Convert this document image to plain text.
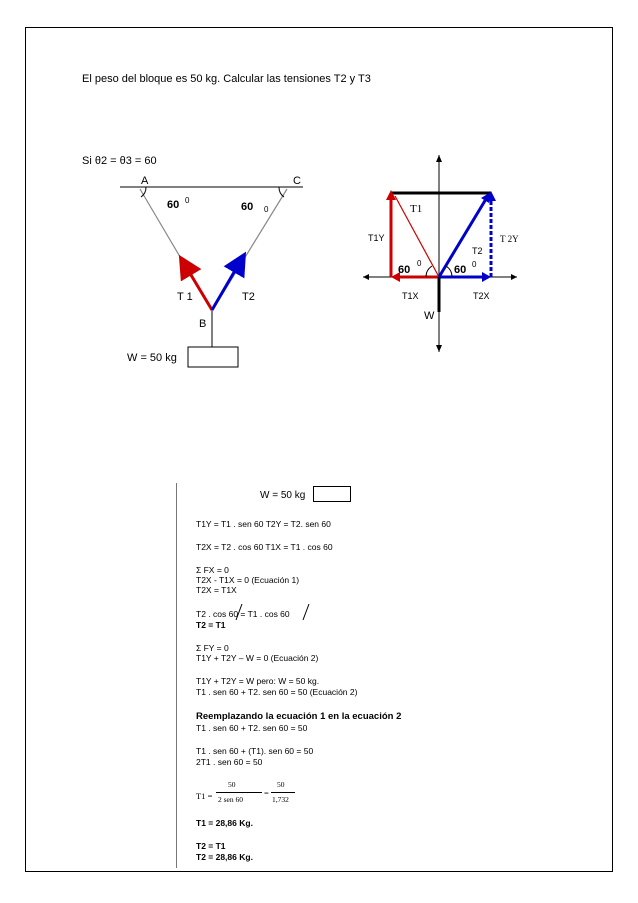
El peso del bloque es 50 kg. Calcular las tensiones T2 y T3
Si θ2 = θ3 = 60
A	C
60 0
60 0
T 1	T2
B
W = 50 kg
T1
T1Y
T2
0
T 2Y
60
0
60
T1X	T2X
W
W = 50 kg
T1Y = T1 . sen 60 T2Y = T2. sen 60
T2X = T2 . cos 60 T1X = T1 . cos 60
Σ FX = 0
T2X - T1X = 0 (Ecuación 1)
T2X = T1X
T2 . cos 60 = T1 . cos 60
T2 = T1
Σ FY = 0
T1Y + T2Y – W = 0 (Ecuación 2)
T1Y + T2Y = W pero: W = 50 kg.
T1 . sen 60 + T2. sen 60 = 50 (Ecuación 2)
Reemplazando la ecuación 1 en la ecuación 2
T1 . sen 60 + T2. sen 60 = 50
T1 . sen 60 + (T1). sen 60 = 50
2T1 . sen 60 = 50
T1 =
50
2 sen 60
=
50
1,732
T1 = 28,86 Kg.
T2 = T1
T2 = 28,86 Kg.
